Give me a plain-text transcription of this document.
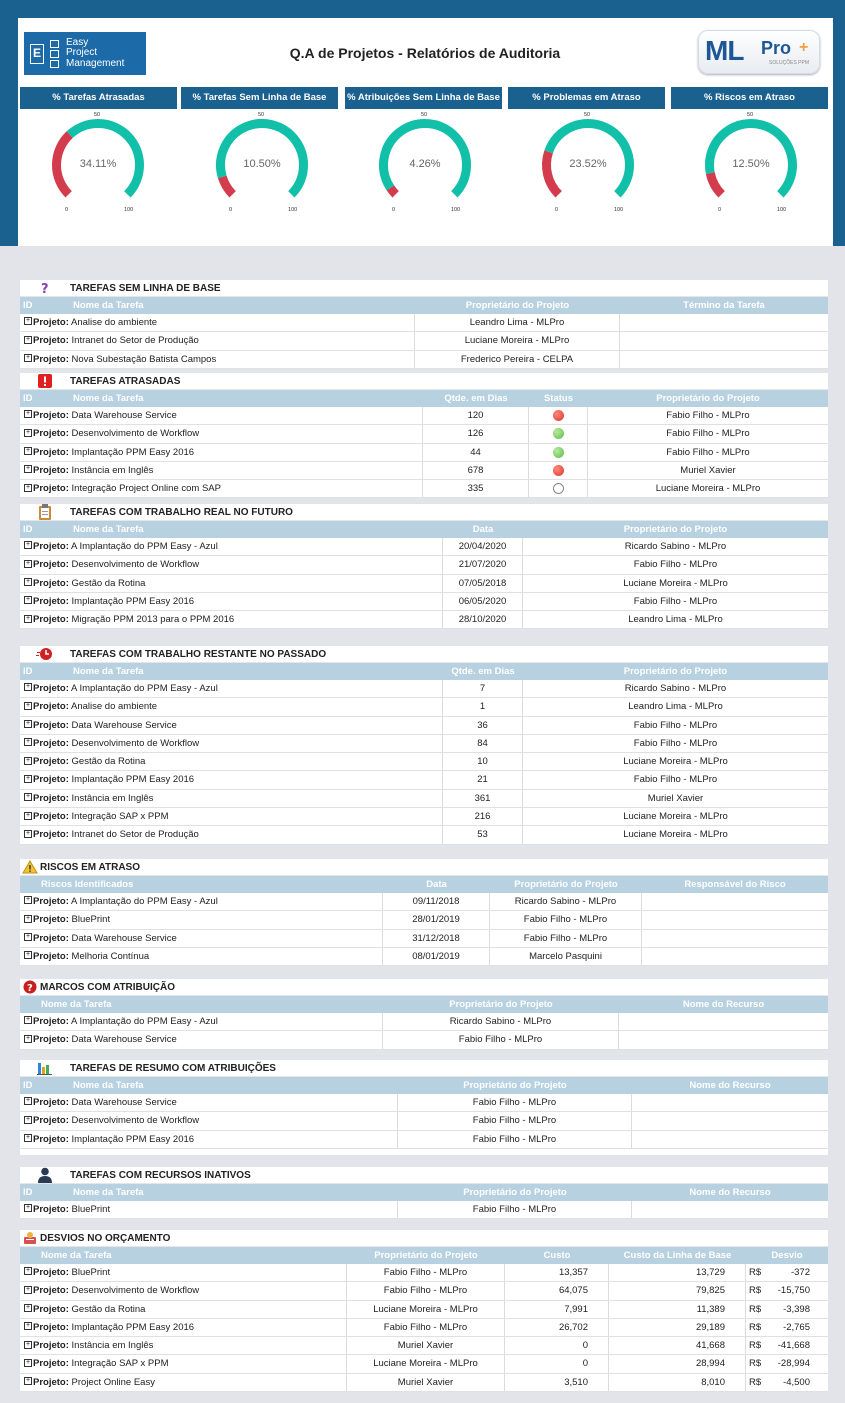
E
Easy
Project
Management
Q.A de Projetos - Relatórios de Auditoria	ML Pro +
SOLUÇÕES PPM
% Tarefas Atrasadas
34.11%
0	100
50
% Tarefas Sem Linha de Base
10.50%
0	100
50
% Atribuições Sem Linha de Base
4.26%
0	100
50
% Problemas em Atraso
23.52%
0	100
50
% Riscos em Atraso
12.50%
0	100
50
? TAREFAS SEM LINHA DE BASE
ID	Nome da Tarefa	Proprietário do Projeto	Término da Tarefa
+ Projeto: Analise do ambiente	Leandro Lima - MLPro
+ Projeto: Intranet do Setor de Produção	Luciane Moreira - MLPro
+ Projeto: Nova Subestação Batista Campos	Frederico Pereira - CELPA
TAREFAS ATRASADAS
ID	Nome da Tarefa	Qtde. em Dias	Status	Proprietário do Projeto
+ Projeto: Data Warehouse Service	120	Fabio Filho - MLPro
+ Projeto: Desenvolvimento de Workflow	126	Fabio Filho - MLPro
+ Projeto: Implantação PPM Easy 2016	44	Fabio Filho - MLPro
+ Projeto: Instância em Inglês	678	Muriel Xavier
+ Projeto: Integração Project Online com SAP	335	Luciane Moreira - MLPro
TAREFAS COM TRABALHO REAL NO FUTURO
ID	Nome da Tarefa	Data	Proprietário do Projeto
+ Projeto: A Implantação do PPM Easy - Azul	20/04/2020	Ricardo Sabino - MLPro
+ Projeto: Desenvolvimento de Workflow	21/07/2020	Fabio Filho - MLPro
+ Projeto: Gestão da Rotina	07/05/2018	Luciane Moreira - MLPro
+ Projeto: Implantação PPM Easy 2016	06/05/2020	Fabio Filho - MLPro
+ Projeto: Migração PPM 2013 para o PPM 2016	28/10/2020	Leandro Lima - MLPro
TAREFAS COM TRABALHO RESTANTE NO PASSADO
ID	Nome da Tarefa	Qtde. em Dias	Proprietário do Projeto
+ Projeto: A Implantação do PPM Easy - Azul	7	Ricardo Sabino - MLPro
+ Projeto: Analise do ambiente	1	Leandro Lima - MLPro
+ Projeto: Data Warehouse Service	36	Fabio Filho - MLPro
+ Projeto: Desenvolvimento de Workflow	84	Fabio Filho - MLPro
+ Projeto: Gestão da Rotina	10	Luciane Moreira - MLPro
+ Projeto: Implantação PPM Easy 2016	21	Fabio Filho - MLPro
+ Projeto: Instância em Inglês	361	Muriel Xavier
+ Projeto: Integração SAP x PPM	216	Luciane Moreira - MLPro
+ Projeto: Intranet do Setor de Produção	53	Luciane Moreira - MLPro
RISCOS EM ATRASO
Riscos Identificados	Data	Proprietário do Projeto	Responsável do Risco
+ Projeto: A Implantação do PPM Easy - Azul	09/11/2018	Ricardo Sabino - MLPro
+ Projeto: BluePrint	28/01/2019	Fabio Filho - MLPro
+ Projeto: Data Warehouse Service	31/12/2018	Fabio Filho - MLPro
+ Projeto: Melhoria Contínua	08/01/2019	Marcelo Pasquini
? MARCOS COM ATRIBUIÇÃO
Nome da Tarefa	Proprietário do Projeto	Nome do Recurso
+ Projeto: A Implantação do PPM Easy - Azul	Ricardo Sabino - MLPro
+ Projeto: Data Warehouse Service	Fabio Filho - MLPro
TAREFAS DE RESUMO COM ATRIBUIÇÕES
ID	Nome da Tarefa	Proprietário do Projeto	Nome do Recurso
+ Projeto: Data Warehouse Service	Fabio Filho - MLPro
+ Projeto: Desenvolvimento de Workflow	Fabio Filho - MLPro
+ Projeto: Implantação PPM Easy 2016	Fabio Filho - MLPro
TAREFAS COM RECURSOS INATIVOS
ID	Nome da Tarefa	Proprietário do Projeto	Nome do Recurso
+ Projeto: BluePrint	Fabio Filho - MLPro
DESVIOS NO ORÇAMENTO
Nome da Tarefa	Proprietário do Projeto	Custo	Custo da Linha de Base	Desvio
+ Projeto: BluePrint	Fabio Filho - MLPro	13,357	13,729	R$	-372
+ Projeto: Desenvolvimento de Workflow	Fabio Filho - MLPro	64,075	79,825	R$ -15,750
+ Projeto: Gestão da Rotina	Luciane Moreira - MLPro	7,991	11,389	R$ -3,398
+ Projeto: Implantação PPM Easy 2016	Fabio Filho - MLPro	26,702	29,189	R$ -2,765
+ Projeto: Instância em Inglês	Muriel Xavier	0	41,668	R$ -41,668
+ Projeto: Integração SAP x PPM	Luciane Moreira - MLPro	0	28,994	R$ -28,994
+ Projeto: Project Online Easy	Muriel Xavier	3,510	8,010	R$ -4,500
